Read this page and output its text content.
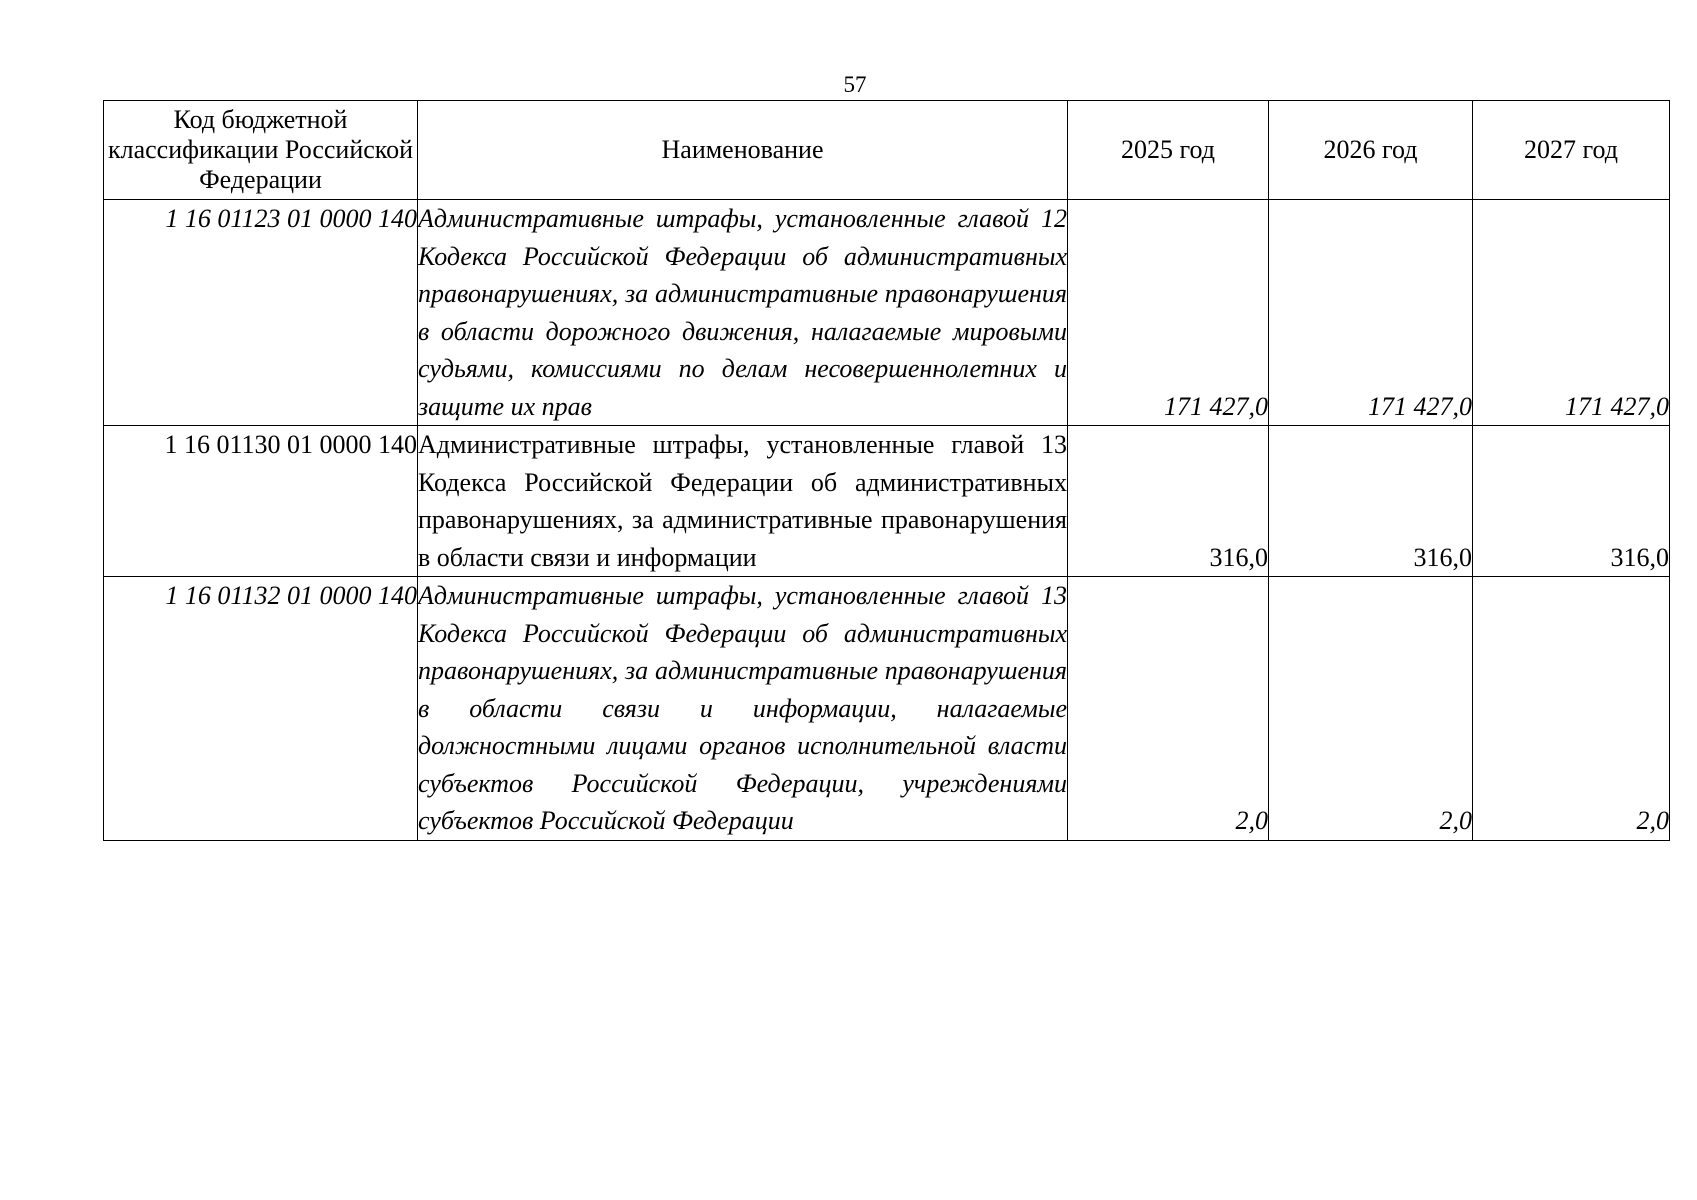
57
Код бюджетной классификации Российской Федерации	Наименование	2025 год	2026 год	2027 год
1 16 01123 01 0000 140	Административные штрафы, установленные главой 12 Кодекса Российской Федерации об административных правонарушениях, за административные правонарушения в области дорожного движения, налагаемые мировыми судьями, комиссиями по делам несовершеннолетних и защите их прав	171 427,0	171 427,0	171 427,0
1 16 01130 01 0000 140	Административные штрафы, установленные главой 13 Кодекса Российской Федерации об административных правонарушениях, за административные правонарушения в области связи и информации	316,0	316,0	316,0
1 16 01132 01 0000 140	Административные штрафы, установленные главой 13 Кодекса Российской Федерации об административных правонарушениях, за административные правонарушения в области связи и информации, налагаемые должностными лицами органов исполнительной власти субъектов Российской Федерации, учреждениями субъектов Российской Федерации	2,0	2,0	2,0
